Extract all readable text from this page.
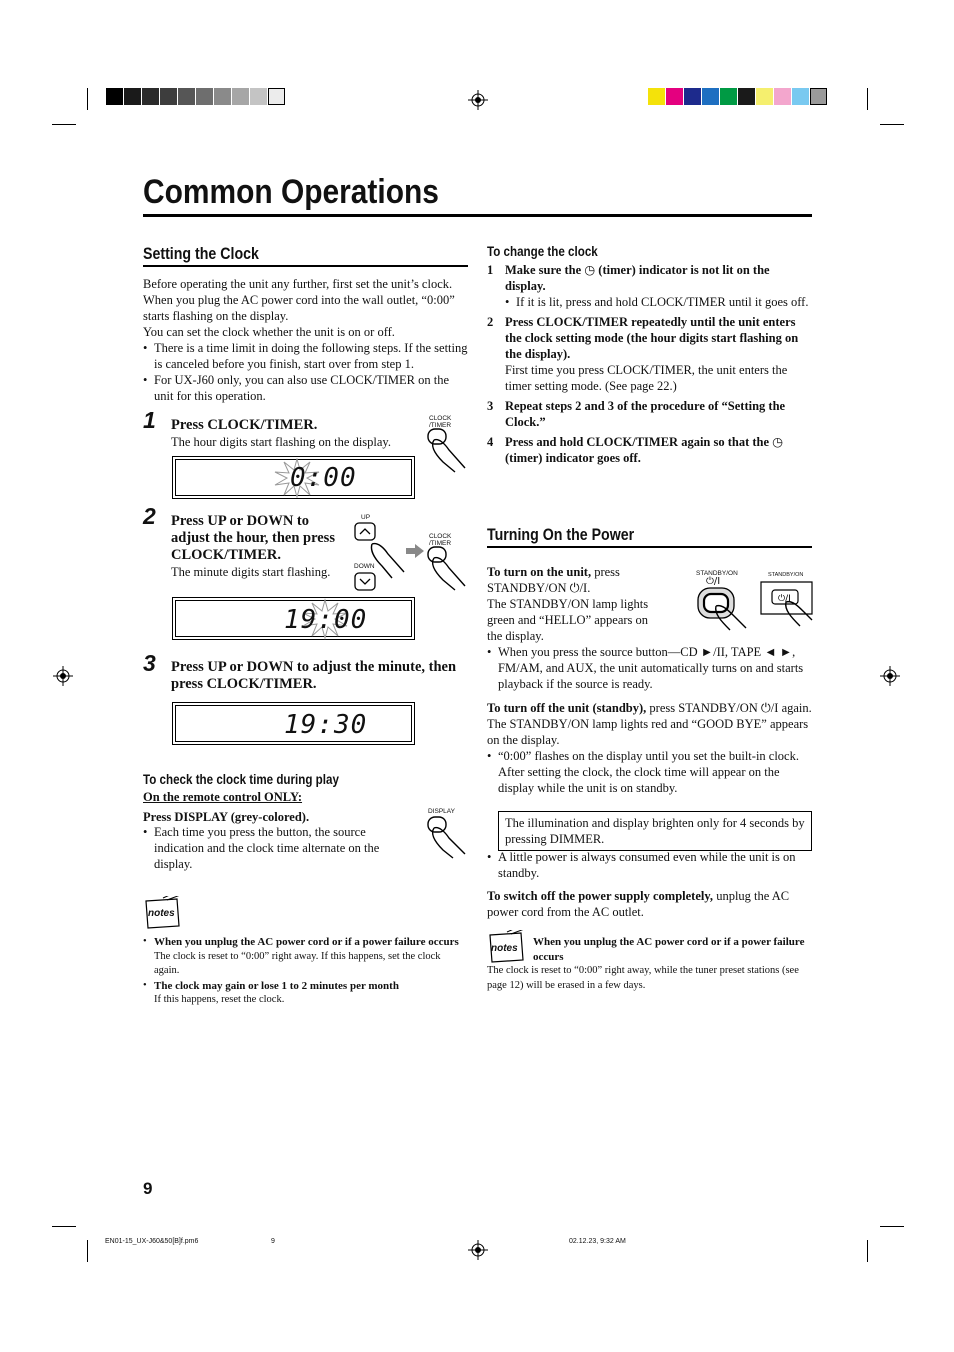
Common Operations
Setting the Clock
Before operating the unit any further, first set the unit’s clock. When you plug the AC power cord into the wall outlet, “0:00” starts flashing on the display.
You can set the clock whether the unit is on or off.
• There is a time limit in doing the following steps. If the setting is canceled before you finish, start over from step 1.
• For UX-J60 only, you can also use CLOCK/TIMER on the unit for this operation.
1 Press CLOCK/TIMER.
The hour digits start flashing on the display.
CLOCK /TIMER
0:00
2 Press UP or DOWN to adjust the hour, then press CLOCK/TIMER.
The minute digits start flashing.
UP
DOWN
CLOCK /TIMER
19:00
3 Press UP or DOWN to adjust the minute, then press CLOCK/TIMER.
19:30
To check the clock time during play
On the remote control ONLY:
Press DISPLAY (grey-colored).
• Each time you press the button, the source indication and the clock time alternate on the display.
DISPLAY
notes
• When you unplug the AC power cord or if a power failure occurs
The clock is reset to “0:00” right away. If this happens, set the clock again.
• The clock may gain or lose 1 to 2 minutes per month
If this happens, reset the clock.
To change the clock
1 Make sure the ◷ (timer) indicator is not lit on the display.
• If it is lit, press and hold CLOCK/TIMER until it goes off.
2 Press CLOCK/TIMER repeatedly until the unit enters the clock setting mode (the hour digits start flashing on the display).
First time you press CLOCK/TIMER, the unit enters the timer setting mode. (See page 22.)
3 Repeat steps 2 and 3 of the procedure of “Setting the Clock.”
4 Press and hold CLOCK/TIMER again so that the ◷ (timer) indicator goes off.
Turning On the Power
To turn on the unit, press STANDBY/ON ⏻/I.
The STANDBY/ON lamp lights green and “HELLO” appears on the display.
STANDBY/ON
⏻/I
STANDBY/ON
⏻/I
• When you press the source button—CD ►/II, TAPE ◄ ►, FM/AM, and AUX, the unit automatically turns on and starts playback if the source is ready.
To turn off the unit (standby), press STANDBY/ON ⏻/I again.
The STANDBY/ON lamp lights red and “GOOD BYE” appears on the display.
• “0:00” flashes on the display until you set the built-in clock. After setting the clock, the clock time will appear on the display while the unit is on standby.
The illumination and display brighten only for 4 seconds by pressing DIMMER.
• A little power is always consumed even while the unit is on standby.
To switch off the power supply completely, unplug the AC power cord from the AC outlet.
notes
When you unplug the AC power cord or if a power failure occurs
The clock is reset to “0:00” right away, while the tuner preset stations (see page 12) will be erased in a few days.
9
EN01-15_UX-J60&50[B]f.pm6	9	02.12.23, 9:32 AM
